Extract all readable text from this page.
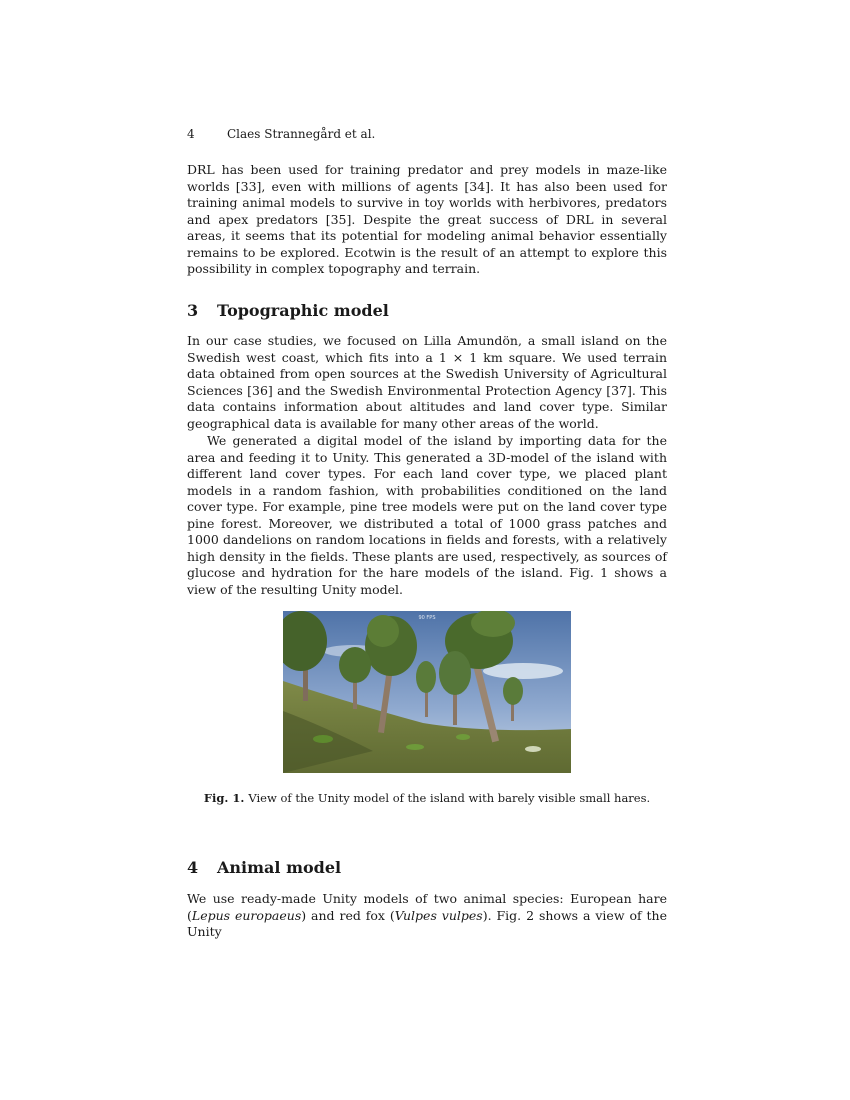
4	Claes Strannegård et al.

DRL has been used for training predator and prey models in maze-like worlds [33], even with millions of agents [34]. It has also been used for training animal models to survive in toy worlds with herbivores, predators and apex predators [35]. Despite the great success of DRL in several areas, it seems that its potential for modeling animal behavior essentially remains to be explored. Ecotwin is the result of an attempt to explore this possibility in complex topography and terrain.

3 Topographic model

In our case studies, we focused on Lilla Amundön, a small island on the Swedish west coast, which fits into a 1 × 1 km square. We used terrain data obtained from open sources at the Swedish University of Agricultural Sciences [36] and the Swedish Environmental Protection Agency [37]. This data contains information about altitudes and land cover type. Similar geographical data is available for many other areas of the world.

We generated a digital model of the island by importing data for the area and feeding it to Unity. This generated a 3D-model of the island with different land cover types. For each land cover type, we placed plant models in a random fashion, with probabilities conditioned on the land cover type. For example, pine tree models were put on the land cover type pine forest. Moreover, we distributed a total of 1000 grass patches and 1000 dandelions on random locations in fields and forests, with a relatively high density in the fields. These plants are used, respectively, as sources of glucose and hydration for the hare models of the island. Fig. 1 shows a view of the resulting Unity model.

90 FPS

Fig. 1. View of the Unity model of the island with barely visible small hares.

4 Animal model

We use ready-made Unity models of two animal species: European hare (Lepus europaeus) and red fox (Vulpes vulpes). Fig. 2 shows a view of the Unity
